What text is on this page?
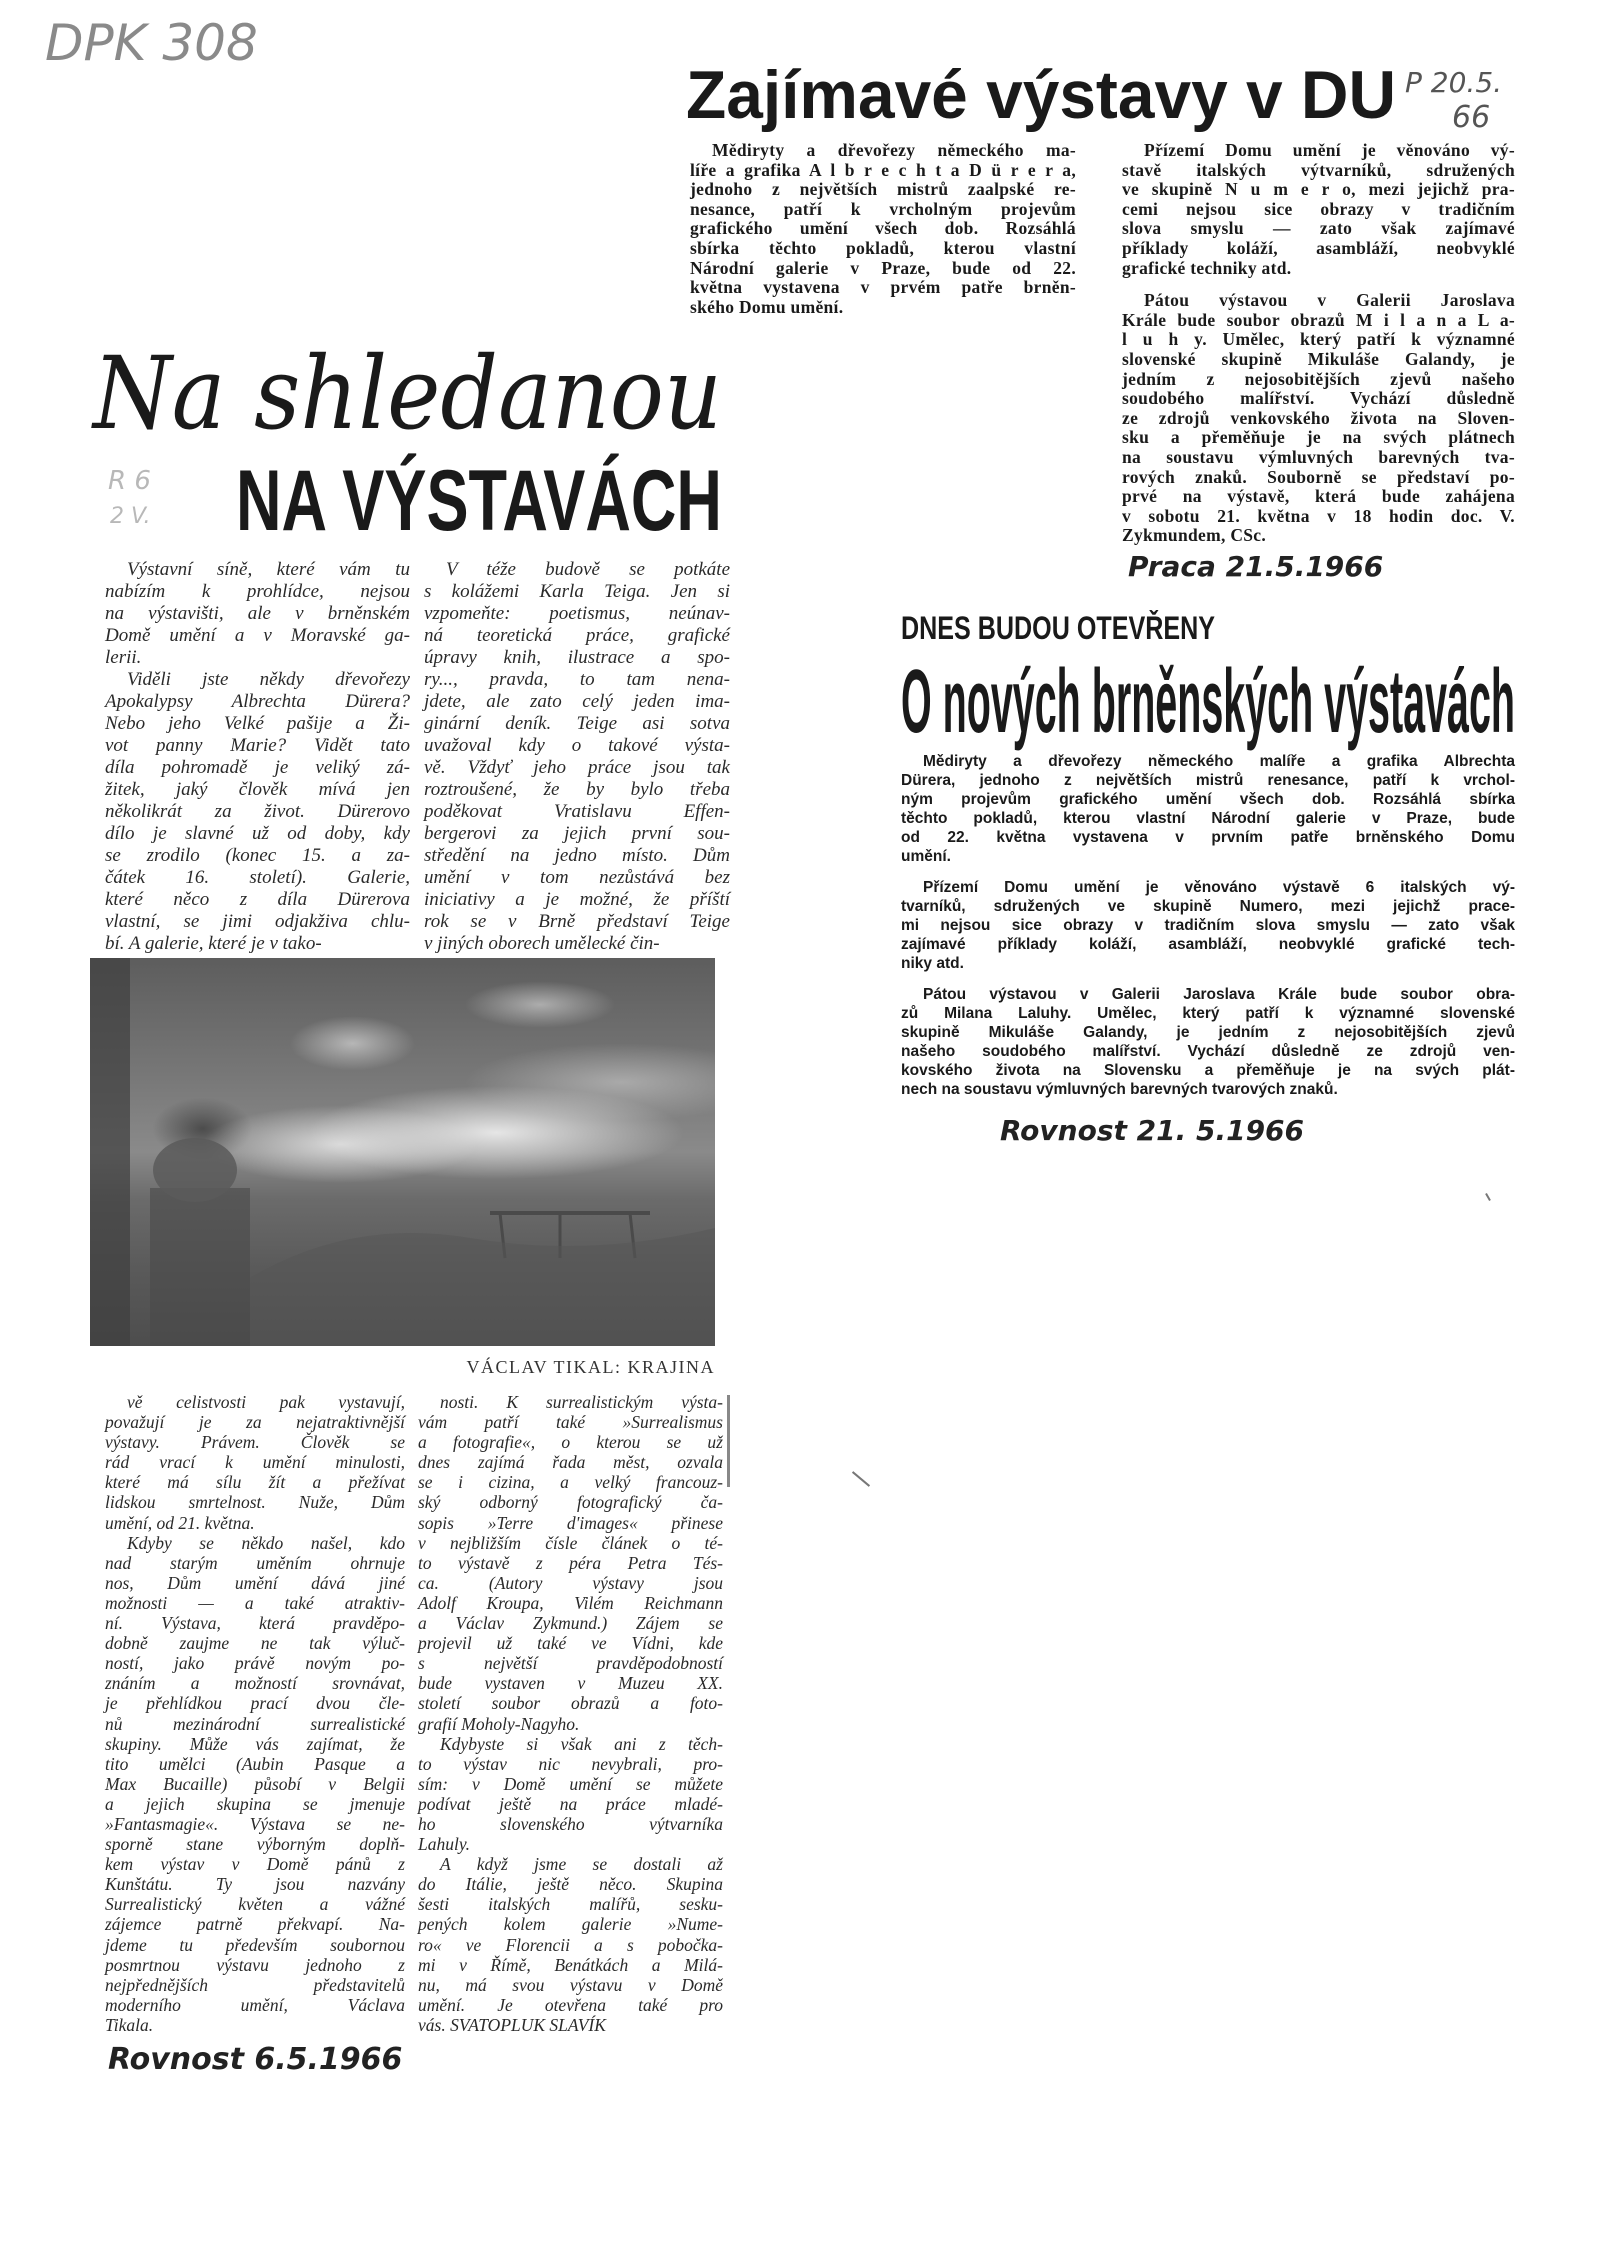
DPK 308
P 20.5.
66
R 6
2 V.
Zajímavé výstavy v DU
Mědiryty a dřevořezy německého ma-
líře a grafika A l b r e c h t a D ü r e r a,
jednoho z největších mistrů zaalpské re-
nesance, patří k vrcholným projevům
grafického umění všech dob. Rozsáhlá
sbírka těchto pokladů, kterou vlastní
Národní galerie v Praze, bude od 22.
května vystavena v prvém patře brněn-
ského Domu umění.
Přízemí Domu umění je věnováno vý-
stavě italských výtvarníků, sdružených
ve skupině N u m e r o, mezi jejichž pra-
cemi nejsou sice obrazy v tradičním
slova smyslu — zato však zajímavé
příklady koláží, asambláží, neobvyklé
grafické techniky atd.
Pátou výstavou v Galerii Jaroslava
Krále bude soubor obrazů M i l a n a L a-
l u h y. Umělec, který patří k významné
slovenské skupině Mikuláše Galandy, je
jedním z nejosobitějších zjevů našeho
soudobého malířství. Vychází důsledně
ze zdrojů venkovského života na Sloven-
sku a přeměňuje je na svých plátnech
na soustavu výmluvných barevných tva-
rových znaků. Souborně se představí po-
prvé na výstavě, která bude zahájena
v sobotu 21. května v 18 hodin doc. V.
Zykmundem, CSc.
Praca 21.5.1966
Na shledanou
NA VÝSTAVÁCH
Výstavní síně, které vám tu
nabízím k prohlídce, nejsou
na výstavišti, ale v brněnském
Domě umění a v Moravské ga-
lerii.
Viděli jste někdy dřevořezy
Apokalypsy Albrechta Dürera?
Nebo jeho Velké pašije a Ži-
vot panny Marie? Vidět tato
díla pohromadě je veliký zá-
žitek, jaký člověk mívá jen
několikrát za život. Dürerovo
dílo je slavné už od doby, kdy
se zrodilo (konec 15. a za-
čátek 16. století). Galerie,
které něco z díla Dürerova
vlastní, se jimi odjakživa chlu-
bí. A galerie, které je v tako-
V téže budově se potkáte
s kolážemi Karla Teiga. Jen si
vzpomeňte: poetismus, neúnav-
ná teoretická práce, grafické
úpravy knih, ilustrace a spo-
ry..., pravda, to tam nena-
jdete, ale zato celý jeden ima-
ginární deník. Teige asi sotva
uvažoval kdy o takové výsta-
vě. Vždyť jeho práce jsou tak
roztroušené, že by bylo třeba
poděkovat Vratislavu Effen-
bergerovi za jejich první sou-
středění na jedno místo. Dům
umění v tom nezůstává bez
iniciativy a je možné, že příští
rok se v Brně představí Teige
v jiných oborech umělecké čin-
VÁCLAV TIKAL: KRAJINA
vě celistvosti pak vystavují,
považují je za nejatraktivnější
výstavy. Právem. Člověk se
rád vrací k umění minulosti,
které má sílu žít a přežívat
lidskou smrtelnost. Nuže, Dům
umění, od 21. května.
Kdyby se někdo našel, kdo
nad starým uměním ohrnuje
nos, Dům umění dává jiné
možnosti — a také atraktiv-
ní. Výstava, která pravděpo-
dobně zaujme ne tak výluč-
ností, jako právě novým po-
znáním a možností srovnávat,
je přehlídkou prací dvou čle-
nů mezinárodní surrealistické
skupiny. Může vás zajímat, že
tito umělci (Aubin Pasque a
Max Bucaille) působí v Belgii
a jejich skupina se jmenuje
»Fantasmagie«. Výstava se ne-
sporně stane výborným doplň-
kem výstav v Domě pánů z
Kunštátu. Ty jsou nazvány
Surrealistický květen a vážné
zájemce patrně překvapí. Na-
jdeme tu především soubornou
posmrtnou výstavu jednoho z
nejpřednějších představitelů
moderního umění, Václava
Tikala.
nosti. K surrealistickým výsta-
vám patří také »Surrealismus
a fotografie«, o kterou se už
dnes zajímá řada měst, ozvala
se i cizina, a velký francouz-
ský odborný fotografický ča-
sopis »Terre d'images« přinese
v nejbližším čísle článek o té-
to výstavě z péra Petra Tés-
ca. (Autory výstavy jsou
Adolf Kroupa, Vilém Reichmann
a Václav Zykmund.) Zájem se
projevil už také ve Vídni, kde
s největší pravděpodobností
bude vystaven v Muzeu XX.
století soubor obrazů a foto-
grafií Moholy-Nagyho.
Kdybyste si však ani z těch-
to výstav nic nevybrali, pro-
sím: v Domě umění se můžete
podívat ještě na práce mladé-
ho slovenského výtvarníka
Lahuly.
A když jsme se dostali až
do Itálie, ještě něco. Skupina
šesti italských malířů, sesku-
pených kolem galerie »Nume-
ro« ve Florencii a s pobočka-
mi v Římě, Benátkách a Milá-
nu, má svou výstavu v Domě
umění. Je otevřena také pro
vás. SVATOPLUK SLAVÍK
Rovnost 6.5.1966
DNES BUDOU OTEVŘENY
O nových brněnských výstavách
Mědiryty a dřevořezy německého malíře a grafika Albrechta
Dürera, jednoho z největších mistrů renesance, patří k vrchol-
ným projevům grafického umění všech dob. Rozsáhlá sbírka
těchto pokladů, kterou vlastní Národní galerie v Praze, bude
od 22. května vystavena v prvním patře brněnského Domu
umění.
Přízemí Domu umění je věnováno výstavě 6 italských vý-
tvarníků, sdružených ve skupině Numero, mezi jejichž prace-
mi nejsou sice obrazy v tradičním slova smyslu — zato však
zajímavé příklady koláží, asambláží, neobvyklé grafické tech-
niky atd.
Pátou výstavou v Galerii Jaroslava Krále bude soubor obra-
zů Milana Laluhy. Umělec, který patří k významné slovenské
skupině Mikuláše Galandy, je jedním z nejosobitějších zjevů
našeho soudobého malířství. Vychází důsledně ze zdrojů ven-
kovského života na Slovensku a přeměňuje je na svých plát-
nech na soustavu výmluvných barevných tvarových znaků.
Rovnost 21. 5.1966
